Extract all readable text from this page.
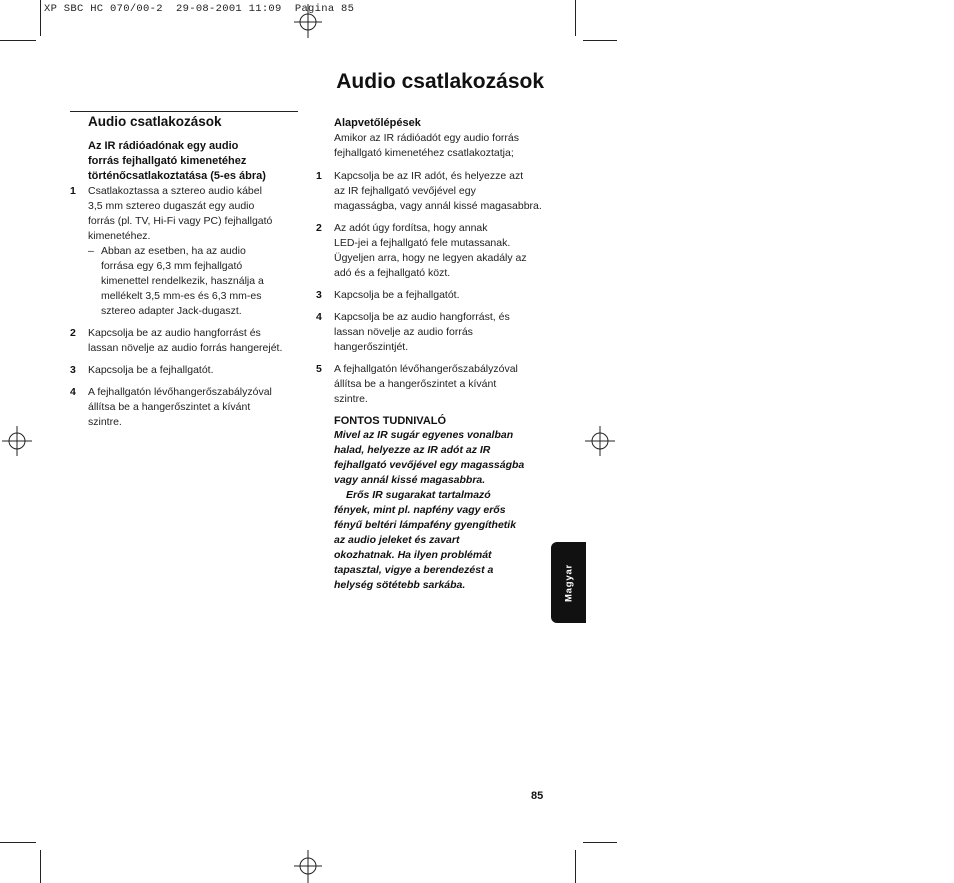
XP SBC HC 070/00-2  29-08-2001 11:09  Pagina 85
Audio csatlakozások
Audio csatlakozások
Az IR rádióadónak egy audio
forrás fejhallgató kimenetéhez
történőcsatlakoztatása (5-es ábra)
1	Csatlakoztassa a sztereo audio kábel
3,5 mm sztereo dugaszát egy audio
forrás (pl. TV, Hi-Fi vagy PC) fejhallgató
kimenetéhez.
– Abban az esetben, ha az audio
forrása egy 6,3 mm fejhallgató
kimenettel rendelkezik, használja a
mellékelt 3,5 mm-es és 6,3 mm-es
sztereo adapter Jack-dugaszt.
2	Kapcsolja be az audio hangforrást és
lassan növelje az audio forrás hangerejét.
3	Kapcsolja be a fejhallgatót.
4	A fejhallgatón lévőhangerőszabályzóval
állítsa be a hangerőszintet a kívánt
szintre.
Alapvetőlépések
Amikor az IR rádióadót egy audio forrás
fejhallgató kimenetéhez csatlakoztatja;
1	Kapcsolja be az IR adót, és helyezze azt
az IR fejhallgató vevőjével egy
magasságba, vagy annál kissé magasabbra.
2	Az adót úgy fordítsa, hogy annak
LED-jei a fejhallgató fele mutassanak.
Ügyeljen arra, hogy ne legyen akadály az
adó és a fejhallgató közt.
3	Kapcsolja be a fejhallgatót.
4	Kapcsolja be az audio hangforrást, és
lassan növelje az audio forrás
hangerőszintjét.
5	A fejhallgatón lévőhangerőszabályzóval
állítsa be a hangerőszintet a kívánt
szintre.
FONTOS TUDNIVALÓ
Mivel az IR sugár egyenes vonalban
halad, helyezze az IR adót az IR
fejhallgató vevőjével egy magasságba
vagy annál kissé magasabbra.
Erős IR sugarakat tartalmazó
fények, mint pl. napfény vagy erős
fényű beltéri lámpafény gyengíthetik
az audio jeleket és zavart
okozhatnak. Ha ilyen problémát
tapasztal, vigye a berendezést a
helység sötétebb sarkába.	Magyar
85
